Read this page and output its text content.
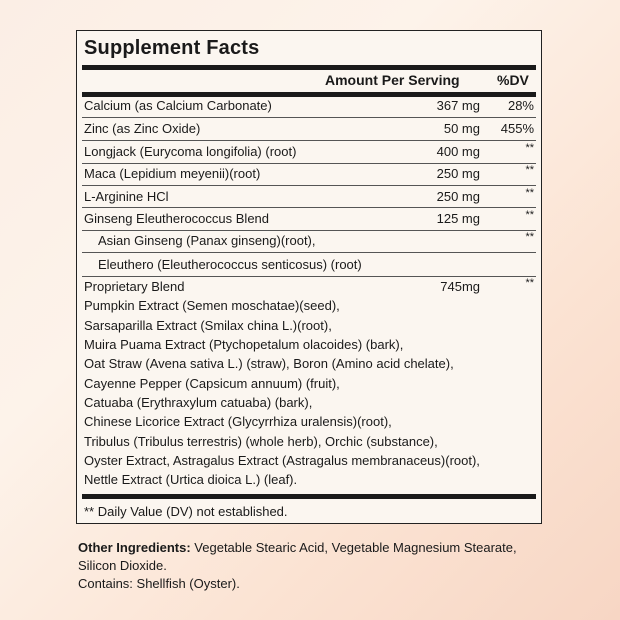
Supplement Facts
Amount Per Serving	%DV
Calcium (as Calcium Carbonate)	367 mg 28%
Zinc (as Zinc Oxide)	50 mg 455%
Longjack (Eurycoma longifolia) (root)	400 mg	**
Maca (Lepidium meyenii)(root)	250 mg	**
L-Arginine HCl	250 mg	**
Ginseng Eleutherococcus Blend	125 mg	**
Asian Ginseng (Panax ginseng)(root),	**
Eleuthero (Eleutherococcus senticosus) (root)
Proprietary Blend	745mg	**
Pumpkin Extract (Semen moschatae)(seed),
Sarsaparilla Extract (Smilax china L.)(root),
Muira Puama Extract (Ptychopetalum olacoides) (bark),
Oat Straw (Avena sativa L.) (straw), Boron (Amino acid chelate),
Cayenne Pepper (Capsicum annuum) (fruit),
Catuaba (Erythraxylum catuaba) (bark),
Chinese Licorice Extract (Glycyrrhiza uralensis)(root),
Tribulus (Tribulus terrestris) (whole herb), Orchic (substance),
Oyster Extract, Astragalus Extract (Astragalus membranaceus)(root),
Nettle Extract (Urtica dioica L.) (leaf).
** Daily Value (DV) not established.
Other Ingredients: Vegetable Stearic Acid, Vegetable Magnesium Stearate, Silicon Dioxide.
Contains: Shellfish (Oyster).
